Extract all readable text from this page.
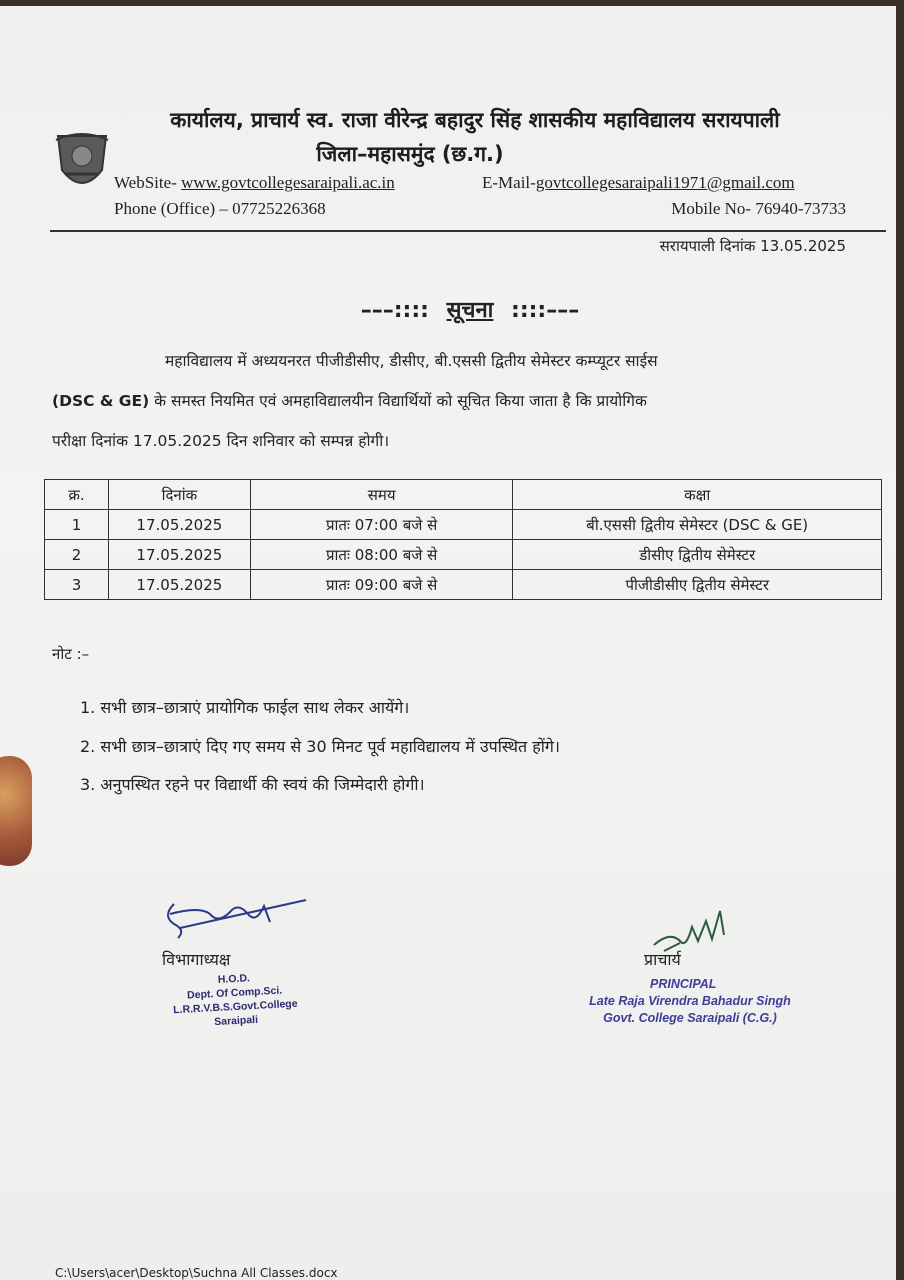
कार्यालय, प्राचार्य स्व. राजा वीरेन्द्र बहादुर सिंह शासकीय महाविद्यालय सरायपाली
जिला–महासमुंद (छ.ग.)
WebSite- www.govtcollegesaraipali.ac.in	E-Mail-govtcollegesaraipali1971@gmail.com
Phone (Office) – 07725226368	Mobile No- 76940-73733
सरायपाली दिनांक 13.05.2025
–––:::: सूचना ::::–––
महाविद्यालय में अध्ययनरत पीजीडीसीए, डीसीए, बी.एससी द्वितीय सेमेस्टर कम्प्यूटर साईस
(DSC & GE) के समस्त नियमित एवं अमहाविद्यालयीन विद्यार्थियों को सूचित किया जाता है कि प्रायोगिक
परीक्षा दिनांक 17.05.2025 दिन शनिवार को सम्पन्न होगी।
क्र.	दिनांक	समय	कक्षा
1	17.05.2025	प्रातः 07:00 बजे से	बी.एससी द्वितीय सेमेस्टर (DSC & GE)
2	17.05.2025	प्रातः 08:00 बजे से	डीसीए द्वितीय सेमेस्टर
3	17.05.2025	प्रातः 09:00 बजे से	पीजीडीसीए द्वितीय सेमेस्टर
नोट :–
1. सभी छात्र–छात्राएं प्रायोगिक फाईल साथ लेकर आयेंगे।
2. सभी छात्र–छात्राएं दिए गए समय से 30 मिनट पूर्व महाविद्यालय में उपस्थित होंगे।
3. अनुपस्थित रहने पर विद्यार्थी की स्वयं की जिम्मेदारी होगी।
विभागाध्यक्ष
H.O.D.
Dept. Of Comp.Sci.
L.R.R.V.B.S.Govt.College
Saraipali
प्राचार्य
PRINCIPAL
Late Raja Virendra Bahadur Singh
Govt. College Saraipali (C.G.)
C:\Users\acer\Desktop\Suchna All Classes.docx
